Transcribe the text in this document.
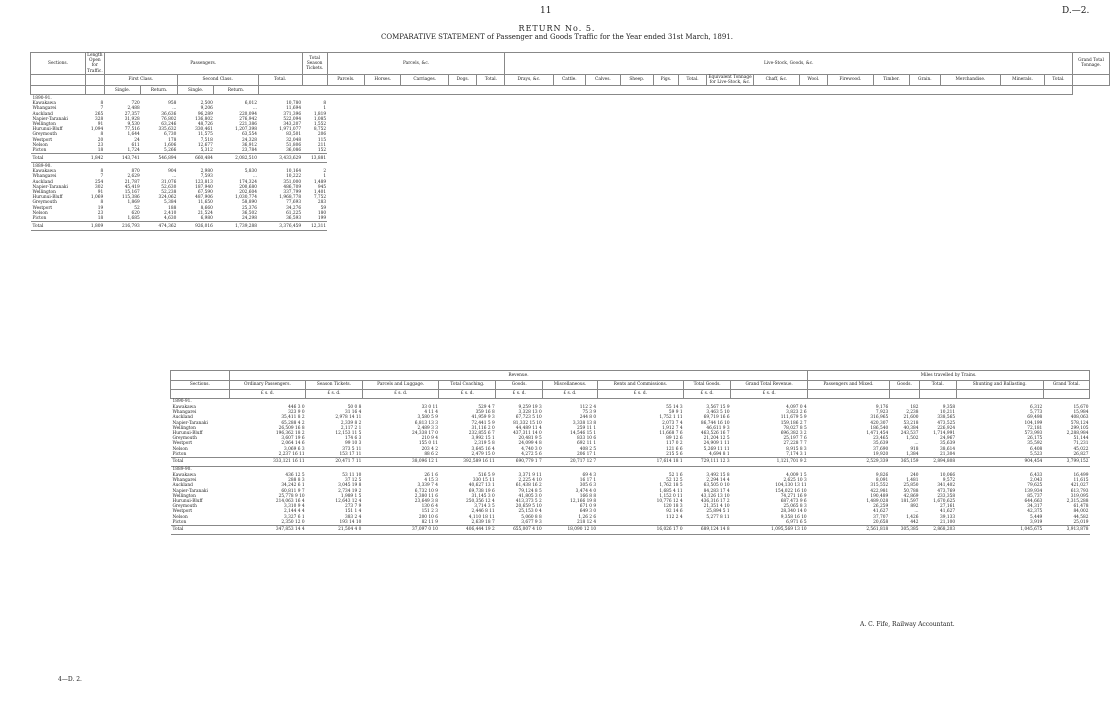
11	D.—2.
RETURN No. 5.
COMPARATIVE STATEMENT of Passenger and Goods Traffic for the Year ended 31st March, 1891.
Sections.	Length Open for Traffic.	Passengers.					Total Season Tickets.	Parcels, &c.					Live-Stock, Goods, &c.															Grand Total Tonnage.
		First Class.		Second Class.		Total.		Parcels.	Horses.	Carriages.	Dogs.	Total.	Drays, &c.	Cattle.	Calves.	Sheep.	Pigs.	Total.	Equivalent Tonnage for Live-Stock, &c.	Chaff, &c.	Wool.	Firewood.	Timber.	Grain.	Merchandise.	Minerals.	Total.	
		Single.	Return.	Single.	Return.																							
1890-91.																												
Kawakawa	8	720	958	2,500	6,012	10,780	8																					
Whangarei	7	2,488	...	9,206	...	11,694	1																					
Auckland	265	27,357	36,636	96,289	220,094	371,396	1,819																					
Napier-Taranaki	328	31,928	76,802	136,802	276,942	522,094	1,085																					
Wellington	91	9,530	63,246	48,726	221,386	343,207	1,552																					
Hurunui-Bluff	1,094	77,516	335,632	330,461	1,207,398	1,971,077	8,752																					
Greymouth	8	1,644	6,730	11,575	63,554	83,501	206																					
Westport	20	24	178	7,518	24,328	32,048	115																					
Nelson	23	611	1,606	12,677	36,912	51,806	211																					
Picton	18	1,724	5,266	5,312	23,784	36,086	152																					
Total	1,842	143,741	546,894	660,484	2,082,510	3,433,629	13,881																					
1889-90.																												
Kawakawa	8	870	904	2,980	5,830	10,164	2																					
Whangarei	7	2,629	...	7,593	...	10,222	1																					
Auckland	254	21,787	31,076	123,813	174,324	351,000	1,489																					
Napier-Taranaki	302	45,419	52,630	187,940	200,680	486,709	945																					
Wellington	91	15,167	52,238	67,590	202,604	337,799	1,401																					
Hurunui-Bluff	1,069	115,386	324,062	487,906	1,030,774	1,968,778	7,752																					
Greymouth	8	1,869	5,384	11,650	58,890	77,693	283																					
Westport	19	52	188	8,660	25,376	34,276	59																					
Nelson	23	620	2,410	21,524	36,502	61,225	180																					
Picton	18	1,685	4,630	6,980	24,298	36,593	199																					
Total	1,809	216,793	474,362	926,016	1,739,288	3,376,459	12,311																					
	Revenue.									Miles travelled by Trains.				
Sections.	Ordinary Passengers.	Season Tickets.	Parcels and Luggage.	Total Coaching.	Goods.	Miscellaneous.	Rents and Commissions.	Total Goods.	Grand Total Revenue.	Passengers and Mixed.	Goods.	Total.	Shunting and Ballasting.	Grand Total.
	£ s. d.	£ s. d.	£ s. d.	£ s. d.	£ s. d.	£ s. d.	£ s. d.	£ s. d.	£ s. d.					
1890-91.														
Kawakawa	446 3 0	50 0 8	33 0 11	529 4 7	9,259 19 3	112 2 4	55 14 3	3,567 15 9	4,097 0 4	9,176	182	9,358	6,312	15,670
Whangarei	323 9 0	31 16 4	4 11 4	359 16 8	3,328 13 0	75 3 9	59 9 1	3,463 5 10	3,823 2 6	7,923	2,238	10,211	5,773	15,984
Auckland	35,411 8 2	2,978 14 11	3,580 5 9	41,959 9 3	67,723 5 10	244 8 0	1,752 1 11	69,719 16 6	111,679 5 9	316,965	21,600	338,565	69,498	408,063
Napier-Taranaki	65,288 4 2	2,339 8 2	6,813 13 3	72,441 5 9	81,332 15 10	3,338 13 8	2,073 7 4	86,744 16 10	159,186 2 7	420,307	53,218	473,525	104,199	578,124
Wellington	26,509 16 8	2,117 2 1	2,489 3 3	31,116 2 0	44,489 11 4	259 11 1	1,912 7 4	46,611 9 3	78,027 8 5	186,540	40,384	226,924	72,181	299,105
Hurunui-Bluff	196,362 18 2	12,153 11 5	24,338 17 0	232,855 6 7	437,311 14 0	14,546 15 1	11,668 7 6	463,526 16 7	696,382 3 2	1,471,454	243,537	1,714,991	573,993	2,288,984
Greymouth	3,607 19 6	174 6 3	210 9 4	3,992 15 1	20,481 9 5	833 10 6	89 12 6	21,204 12 5	25,197 7 6	23,465	1,502	24,967	26,175	51,144
Westport	2,064 14 6	99 10 3	155 0 11	2,319 5 8	24,099 4 8	692 11 1	117 0 2	24,909 1 11	27,228 7 7	35,639	...	35,639	35,592	71,231
Nelson	3,069 6 3	373 5 11	203 4 2	3,645 16 4	4,740 3 0	408 2 5	121 6 6	5,269 11 11	8,915 8 3	37,690	918	38,614	6,408	45,022
Picton	2,237 16 11	153 17 11	88 6 2	2,479 15 0	4,272 5 6	206 17 1	215 5 6	4,694 8 1	7,174 3 1	19,920	1,384	21,304	5,523	26,827
Total	333,121 16 11	20,471 7 11	38,096 12 1	392,589 16 11	690,779 1 7	20,717 12 7	17,614 18 1	729,111 12 3	1,121,701 9 2	2,529,339	365,159	2,894,808	904,454	3,799,152
1889-90.														
Kawakawa	436 12 5	53 11 10	26 1 6	516 5 9	3,371 9 11	69 4 3	52 1 6	3,492 15 8	4,009 1 5	9,826	240	10,066	6,433	16,499
Whangarei	288 8 3	37 12 5	4 15 3	330 15 11	2,225 4 10	16 17 1	52 12 5	2,294 14 4	2,625 10 3	8,091	1,481	9,572	2,043	11,615
Auckland	34,242 6 1	3,045 19 8	3,339 7 4	40,627 13 1	61,438 16 2	305 6 3	1,762 18 5	63,505 0 10	104,130 13 11	315,552	25,850	341,402	79,625	421,027
Napier-Taranaki	60,811 9 7	2,734 19 2	6,732 10 9	69,738 19 6	79,124 8 5	3,474 4 0	1,685 4 11	84,283 17 4	154,022 16 10	422,981	50,788	473,769	139,934	613,793
Wellington	25,778 9 10	1,989 1 5	2,380 11 6	31,145 3 0	41,805 3 0	166 8 8	1,152 0 11	43,126 13 10	74,271 16 9	190,489	42,869	233,358	85,737	319,095
Hurunui-Bluff	214,063 16 4	12,643 12 4	23,649 3 8	250,356 12 4	413,373 5 2	12,166 19 8	10,776 12 4	436,316 17 2	687,473 9 6	1,489,028	181,597	1,670,625	644,663	2,315,288
Greymouth	3,310 9 4	273 7 9	130 6 4	3,714 3 5	20,659 5 10	671 0 9	120 18 3	21,351 4 10	25,065 8 3	26,259	892	27,161	34,317	61,478
Westport	2,144 4 4	151 1 4	151 2 3	2,446 8 11	25,153 0 4	649 3 0	92 14 6	25,894 5 1	28,340 14 0	41,627	...	41,627	42,375	84,002
Nelson	3,327 6 1	383 2 4	200 10 6	4,110 18 11	5,060 8 8	1,26 2 6	112 2 4	5,277 8 11	9,358 16 10	37,707	1,426	39,133	5,449	44,582
Picton	2,350 12 0	193 14 10	82 11 9	2,639 18 7	3,677 9 3	218 12 4			6,971 6 5	20,658	442	21,100	3,919	25,019
Total	347,853 14 4	21,504 4 0	37,097 0 10	406,444 19 2	655,007 4 10	18,090 12 10	16,026 17 0	689,124 14 8	1,095,569 13 10	2,561,818	305,385	2,868,203	1,045,675	3,913,878
A. C. Fife, Railway Accountant.
4—D. 2.
